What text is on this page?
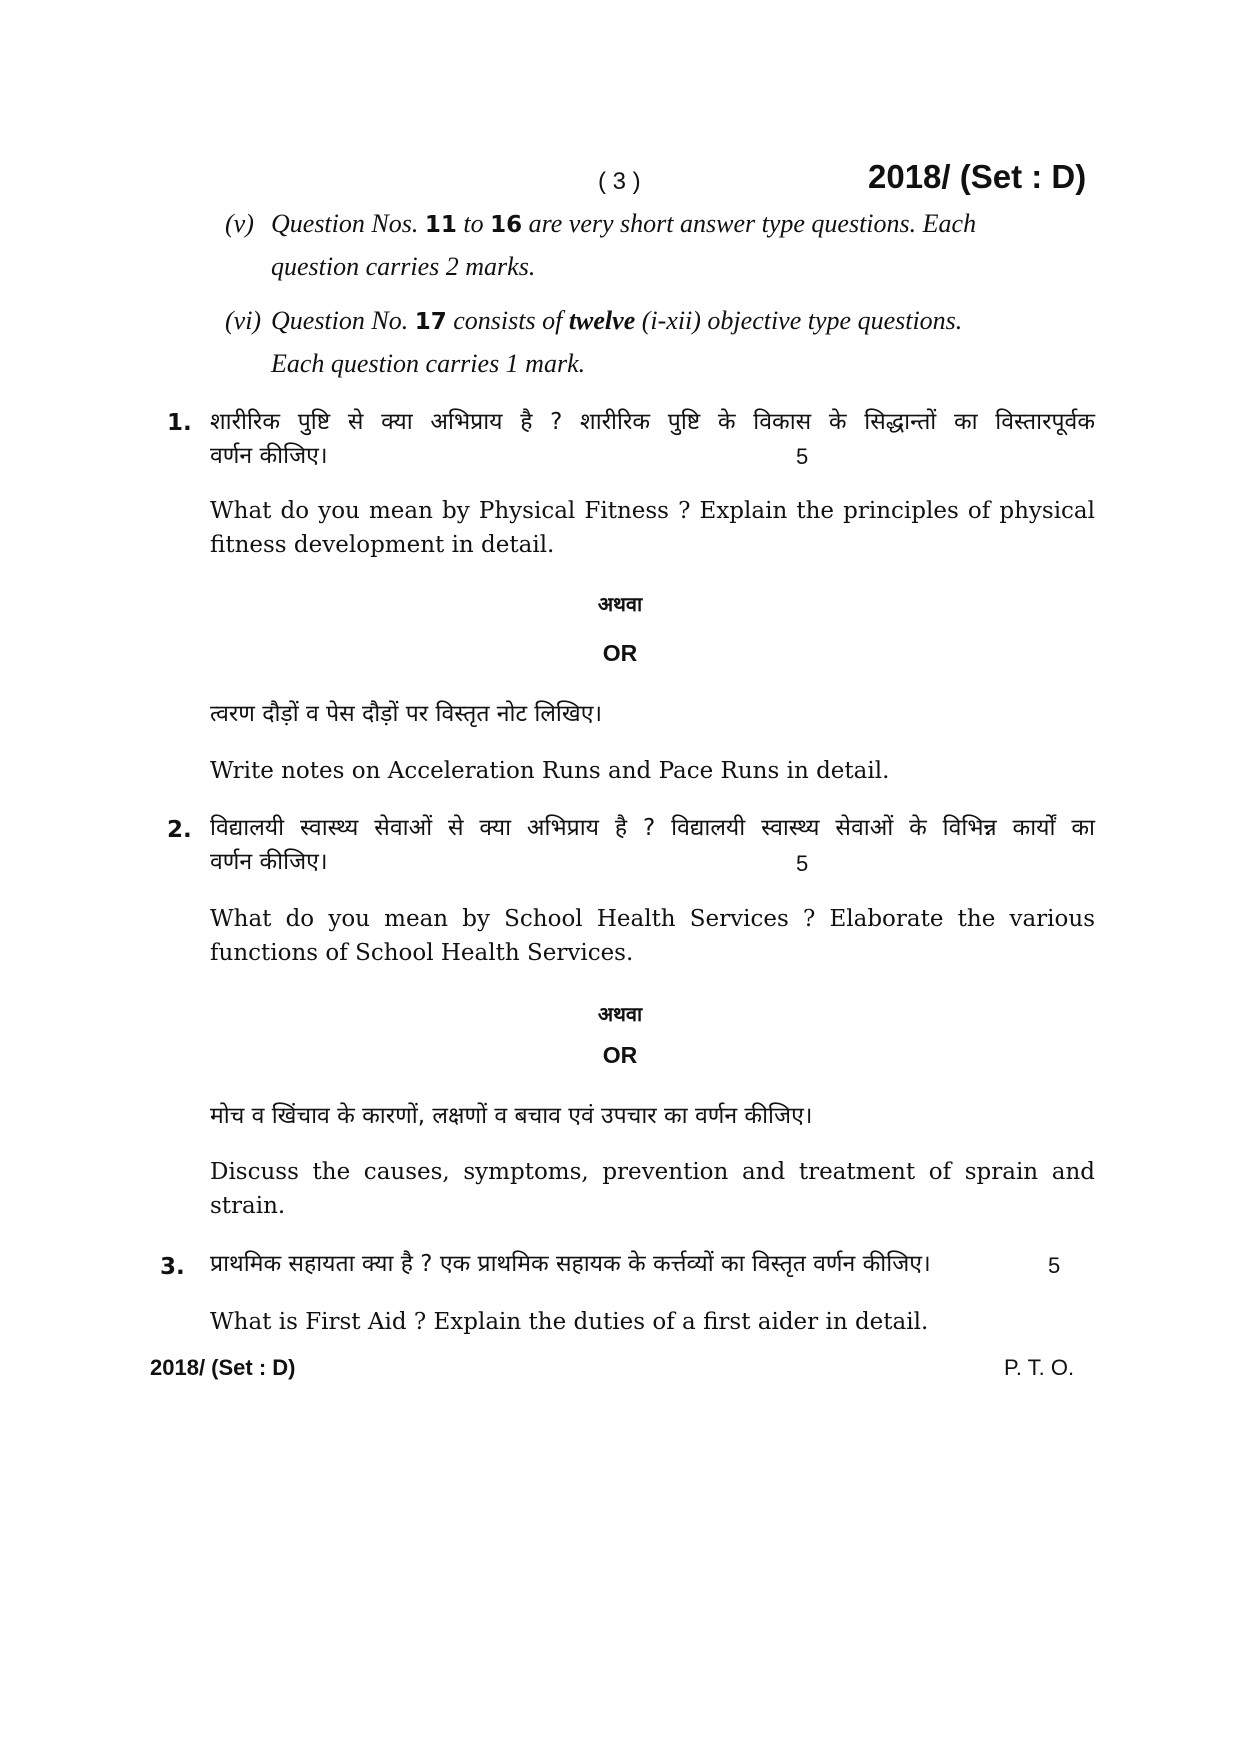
( 3 )	2018/ (Set : D)
(v) Question Nos. 11 to 16 are very short answer type questions. Each
question carries 2 marks.
(vi) Question No. 17 consists of twelve (i-xii) objective type questions.
Each question carries 1 mark.
1. शारीरिक पुष्टि से क्या अभिप्राय है ? शारीरिक पुष्टि के विकास के सिद्धान्तों का विस्तारपूर्वक
वर्णन कीजिए।	5
What do you mean by Physical Fitness ? Explain the principles of physical fitness development in detail.
अथवा
OR
त्वरण दौड़ों व पेस दौड़ों पर विस्तृत नोट लिखिए।
Write notes on Acceleration Runs and Pace Runs in detail.
2. विद्यालयी स्वास्थ्य सेवाओं से क्या अभिप्राय है ? विद्यालयी स्वास्थ्य सेवाओं के विभिन्न कार्यों का
वर्णन कीजिए।	5
What do you mean by School Health Services ? Elaborate the various functions of School Health Services.
अथवा
OR
मोच व खिंचाव के कारणों, लक्षणों व बचाव एवं उपचार का वर्णन कीजिए।
Discuss the causes, symptoms, prevention and treatment of sprain and strain.
3. प्राथमिक सहायता क्या है ? एक प्राथमिक सहायक के कर्त्तव्यों का विस्तृत वर्णन कीजिए।	5
What is First Aid ? Explain the duties of a first aider in detail.
2018/ (Set : D)	P. T. O.
